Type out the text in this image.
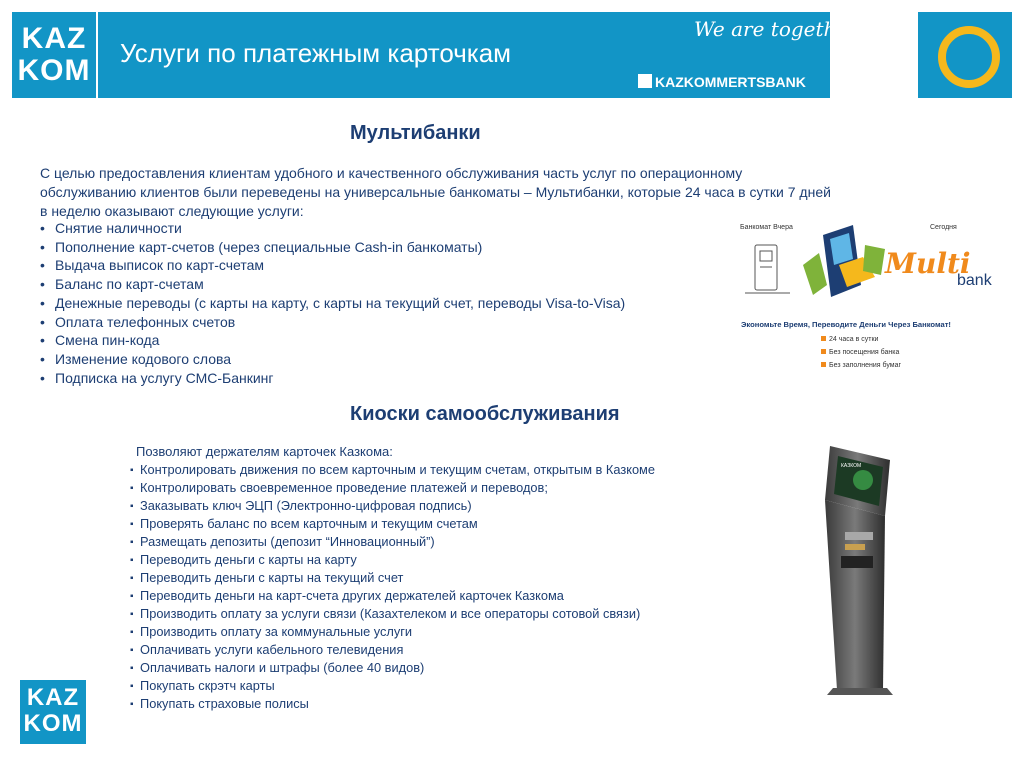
KAZ
KOM
Услуги по платежным карточкам
We are together
KAZKOMMERTSBANK
Мультибанки
С целью предоставления клиентам удобного и качественного обслуживания часть услуг по операционному обслуживанию клиентов были переведены на универсальные банкоматы – Мультибанки, которые 24 часа в сутки 7 дней в неделю оказывают следующие услуги:
• Снятие наличности
• Пополнение карт-счетов (через специальные Cash-in банкоматы)
• Выдача выписок по карт-счетам
• Баланс по карт-счетам
• Денежные переводы (с карты на карту, с карты на текущий счет, переводы Visa-to-Visa)
• Оплата телефонных счетов
• Смена пин-кода
• Изменение кодового слова
• Подписка на услугу СМС-Банкинг
Банкомат Вчера	Сегодня
Multi
bank
Экономьте Время, Переводите Деньги Через Банкомат!
24 часа в сутки
Без посещения банка
Без заполнения бумаг
Киоски самообслуживания
Позволяют держателям карточек Казкома:
▪ Контролировать движения по всем карточным и текущим счетам, открытым в Казкоме
▪ Контролировать своевременное проведение платежей и переводов;
▪ Заказывать ключ ЭЦП (Электронно-цифровая подпись)
▪ Проверять баланс по всем карточным и текущим счетам
▪ Размещать депозиты (депозит “Инновационный”)
▪ Переводить деньги с карты на карту
▪ Переводить деньги с карты на текущий счет
▪ Переводить деньги на карт-счета других держателей карточек Казкома
▪ Производить оплату за услуги связи (Казахтелеком и все операторы сотовой связи)
▪ Производить оплату за коммунальные услуги
▪ Оплачивать услуги кабельного телевидения
▪ Оплачивать налоги и штрафы (более 40 видов)
▪ Покупать скрэтч карты
▪ Покупать страховые полисы
КАЗКОМ
KAZ
KOM
